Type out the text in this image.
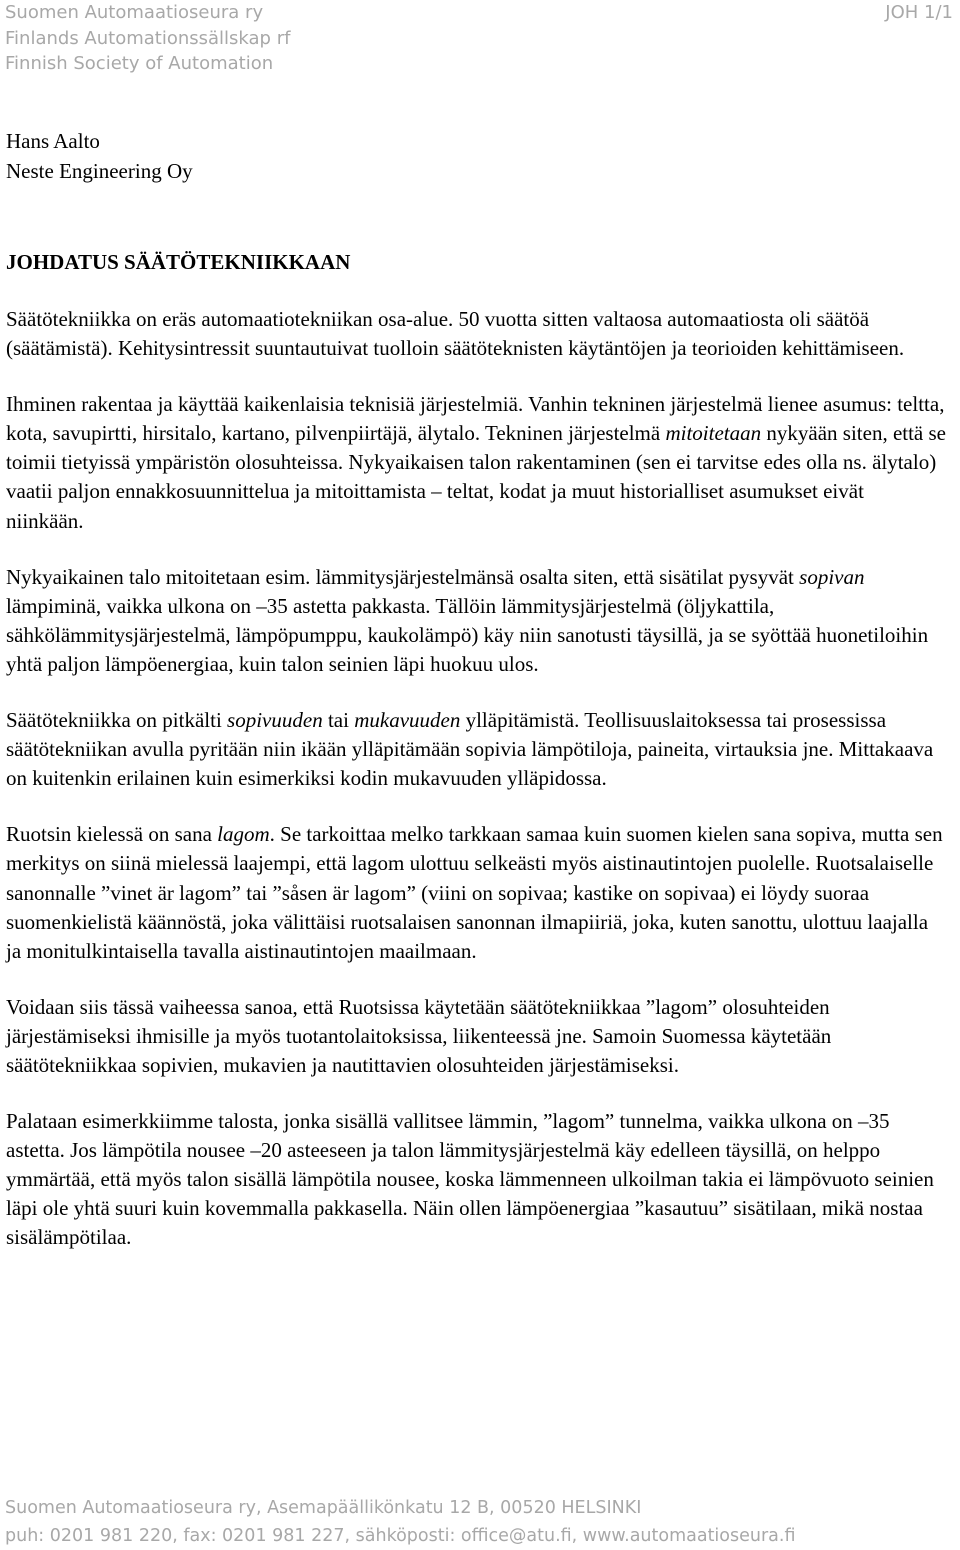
Suomen Automaatioseura ry
Finlands Automationssällskap rf
Finnish Society of Automation
JOH 1/1
Hans Aalto
Neste Engineering Oy
JOHDATUS SÄÄTÖTEKNIIKKAAN

Säätötekniikka on eräs automaatiotekniikan osa-alue. 50 vuotta sitten valtaosa automaatiosta oli säätöä (säätämistä). Kehitysintressit suuntautuivat tuolloin säätöteknisten käytäntöjen ja teorioiden kehittämiseen.

Ihminen rakentaa ja käyttää kaikenlaisia teknisiä järjestelmiä. Vanhin tekninen järjestelmä lienee asumus: teltta, kota, savupirtti, hirsitalo, kartano, pilvenpiirtäjä, älytalo. Tekninen järjestelmä mitoitetaan nykyään siten, että se toimii tietyissä ympäristön olosuhteissa. Nykyaikaisen talon rakentaminen (sen ei tarvitse edes olla ns. älytalo) vaatii paljon ennakkosuunnittelua ja mitoittamista – teltat, kodat ja muut historialliset asumukset eivät niinkään.

Nykyaikainen talo mitoitetaan esim. lämmitysjärjestelmänsä osalta siten, että sisätilat pysyvät sopivan lämpiminä, vaikka ulkona on –35 astetta pakkasta. Tällöin lämmitysjärjestelmä (öljykattila, sähkölämmitysjärjestelmä, lämpöpumppu, kaukolämpö) käy niin sanotusti täysillä, ja se syöttää huonetiloihin yhtä paljon lämpöenergiaa, kuin talon seinien läpi huokuu ulos.

Säätötekniikka on pitkälti sopivuuden tai mukavuuden ylläpitämistä. Teollisuuslaitoksessa tai prosessissa säätötekniikan avulla pyritään niin ikään ylläpitämään sopivia lämpötiloja, paineita, virtauksia jne. Mittakaava on kuitenkin erilainen kuin esimerkiksi kodin mukavuuden ylläpidossa.

Ruotsin kielessä on sana lagom. Se tarkoittaa melko tarkkaan samaa kuin suomen kielen sana sopiva, mutta sen merkitys on siinä mielessä laajempi, että lagom ulottuu selkeästi myös aistinautintojen puolelle. Ruotsalaiselle sanonnalle ”vinet är lagom” tai ”såsen är lagom” (viini on sopivaa; kastike on sopivaa) ei löydy suoraa suomenkielistä käännöstä, joka välittäisi ruotsalaisen sanonnan ilmapiiriä, joka, kuten sanottu, ulottuu laajalla ja monitulkintaisella tavalla aistinautintojen maailmaan.

Voidaan siis tässä vaiheessa sanoa, että Ruotsissa käytetään säätötekniikkaa ”lagom” olosuhteiden järjestämiseksi ihmisille ja myös tuotantolaitoksissa, liikenteessä jne. Samoin Suomessa käytetään säätötekniikkaa sopivien, mukavien ja nautittavien olosuhteiden järjestämiseksi.

Palataan esimerkkiimme talosta, jonka sisällä vallitsee lämmin, ”lagom” tunnelma, vaikka ulkona on –35 astetta. Jos lämpötila nousee –20 asteeseen ja talon lämmitysjärjestelmä käy edelleen täysillä, on helppo ymmärtää, että myös talon sisällä lämpötila nousee, koska lämmenneen ulkoilman takia ei lämpövuoto seinien läpi ole yhtä suuri kuin kovemmalla pakkasella. Näin ollen lämpöenergiaa ”kasautuu” sisätilaan, mikä nostaa sisälämpötilaa.

Suomen Automaatioseura ry, Asemapäällikönkatu 12 B, 00520 HELSINKI
puh: 0201 981 220, fax: 0201 981 227, sähköposti: office@atu.fi, www.automaatioseura.fi
